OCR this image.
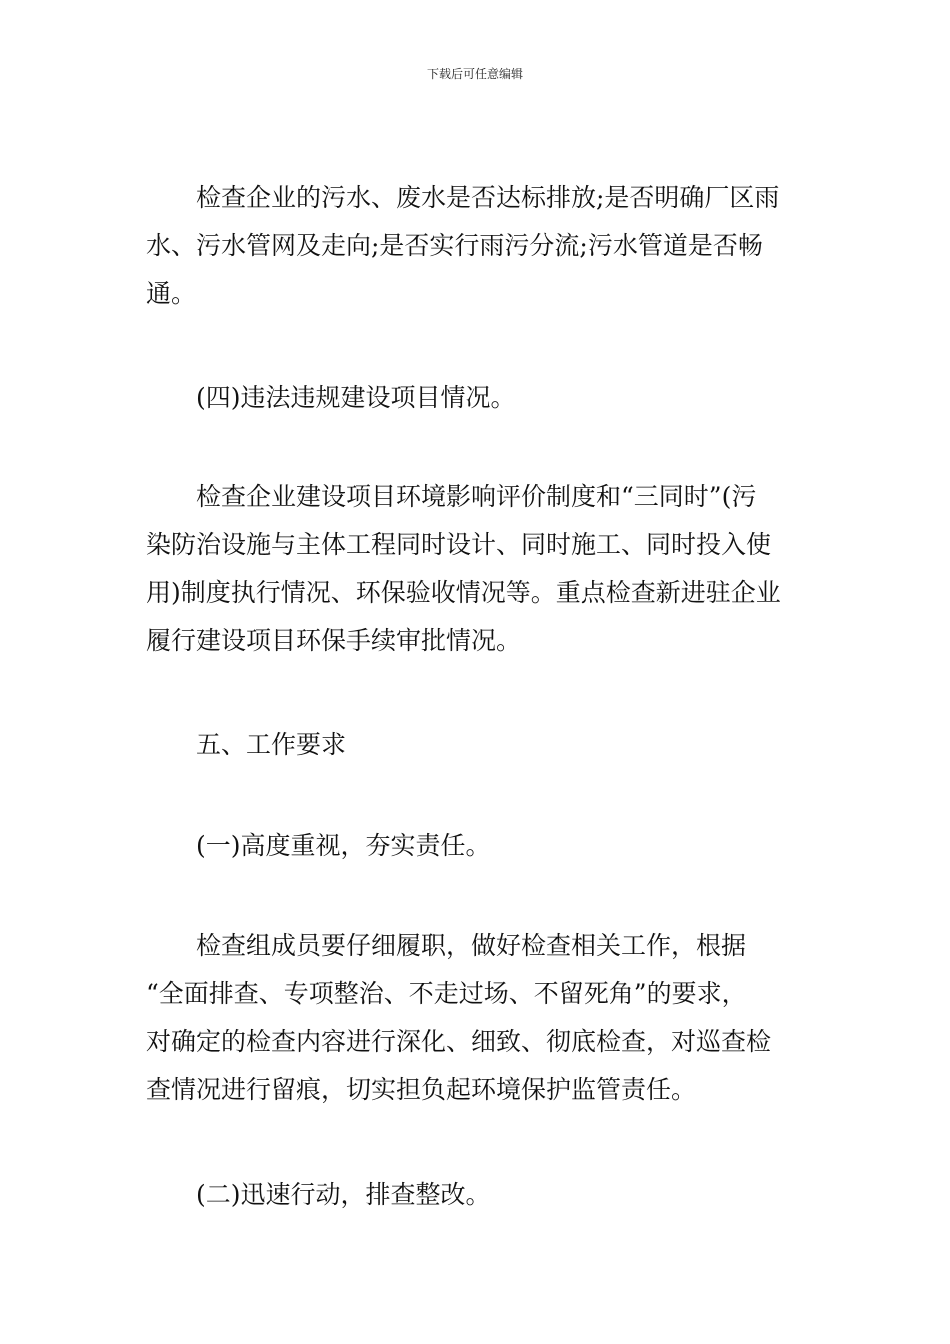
下载后可任意编辑
检查企业的污水、废水是否达标排放;是否明确厂区雨
水、污水管网及走向;是否实行雨污分流;污水管道是否畅
通。
(四)违法违规建设项目情况。
检查企业建设项目环境影响评价制度和“三同时”(污
染防治设施与主体工程同时设计、同时施工、同时投入使
用)制度执行情况、环保验收情况等。重点检查新进驻企业
履行建设项目环保手续审批情况。
五、工作要求
(一)高度重视，夯实责任。
检查组成员要仔细履职，做好检查相关工作，根据
“全面排查、专项整治、不走过场、不留死角”的要求，
对确定的检查内容进行深化、细致、彻底检查，对巡查检
查情况进行留痕，切实担负起环境保护监管责任。
(二)迅速行动，排查整改。
